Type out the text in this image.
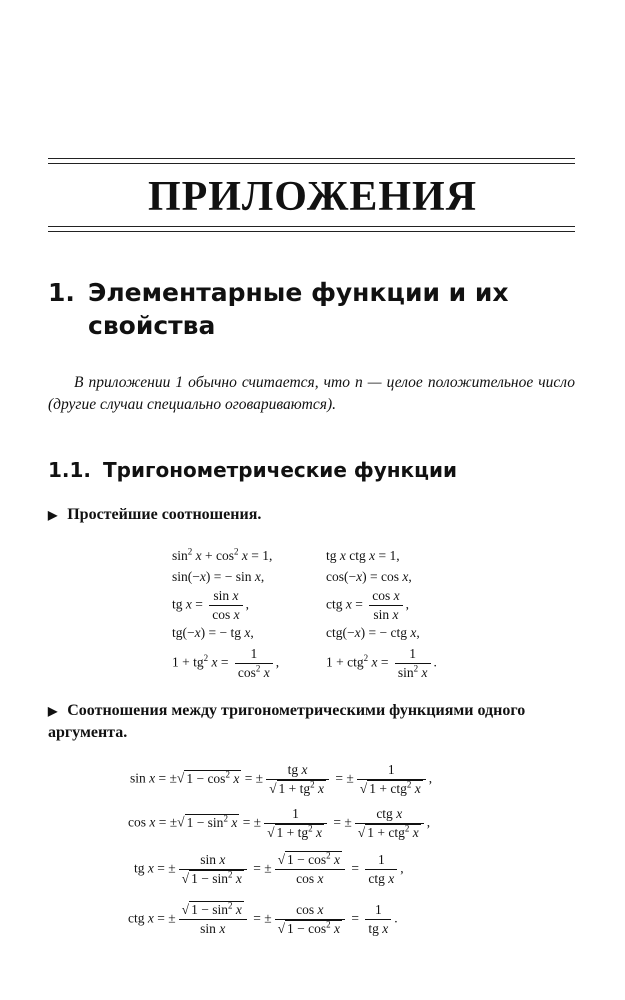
ПРИЛОЖЕНИЯ
1. Элементарные функции и их свойства
В приложении 1 обычно считается, что n — целое положительное число (другие случаи специально оговариваются).
1.1. Тригонометрические функции
▶ Простейшие соотношения.
$\sin^2 x + \cos^2 x = 1$,	tg x ctg x = 1,
sin(−x) = − sin x,	cos(−x) = cos x,
tg $x = \frac{\text{sin x}}{\text{cos x}}$ ,	ctg $x = \frac{\text{cos x}}{\text{sin x}}$ ,
tg(−x) = − tg x,	ctg(−x) = − ctg x,
$1 + tg^2$ $x = \frac{1}{\cos^2 x}$ ,	1 + ctg$^2$ $x = \frac{1}{\sin^2 x}$ .
▶ Соотношения между тригонометрическими функциями одного аргумента.
sin x = ±√ $1 - \cos^2 x$ = ± $\frac{\text{tg x}}{√ 1 + tg^2 x}$ = ± $\frac{1}{√ 1 + ctg^2 x}$ ,
cos x = ±√ $1 - \sin^2 x$ = ± $\frac{1}{√ 1 + tg^2 x}$ = ± $\frac{\text{ctg x}}{√ 1 + ctg^2 x}$ ,
tg x = ± $\frac{\text{sin x}}{√ 1 - \sin^2 x}$ = ± $\frac{√ 1 - \cos^2 x}{\text{cos x}} = \frac{1}{\text{ctg x}}$ ,
ctg x = ± $\frac{√ 1 - \sin^2 x}{\text{sin x}}$ = ± $\frac{\text{cos x}}{√ 1 - \cos^2 x} = \frac{1}{\text{tg x}}$ .
